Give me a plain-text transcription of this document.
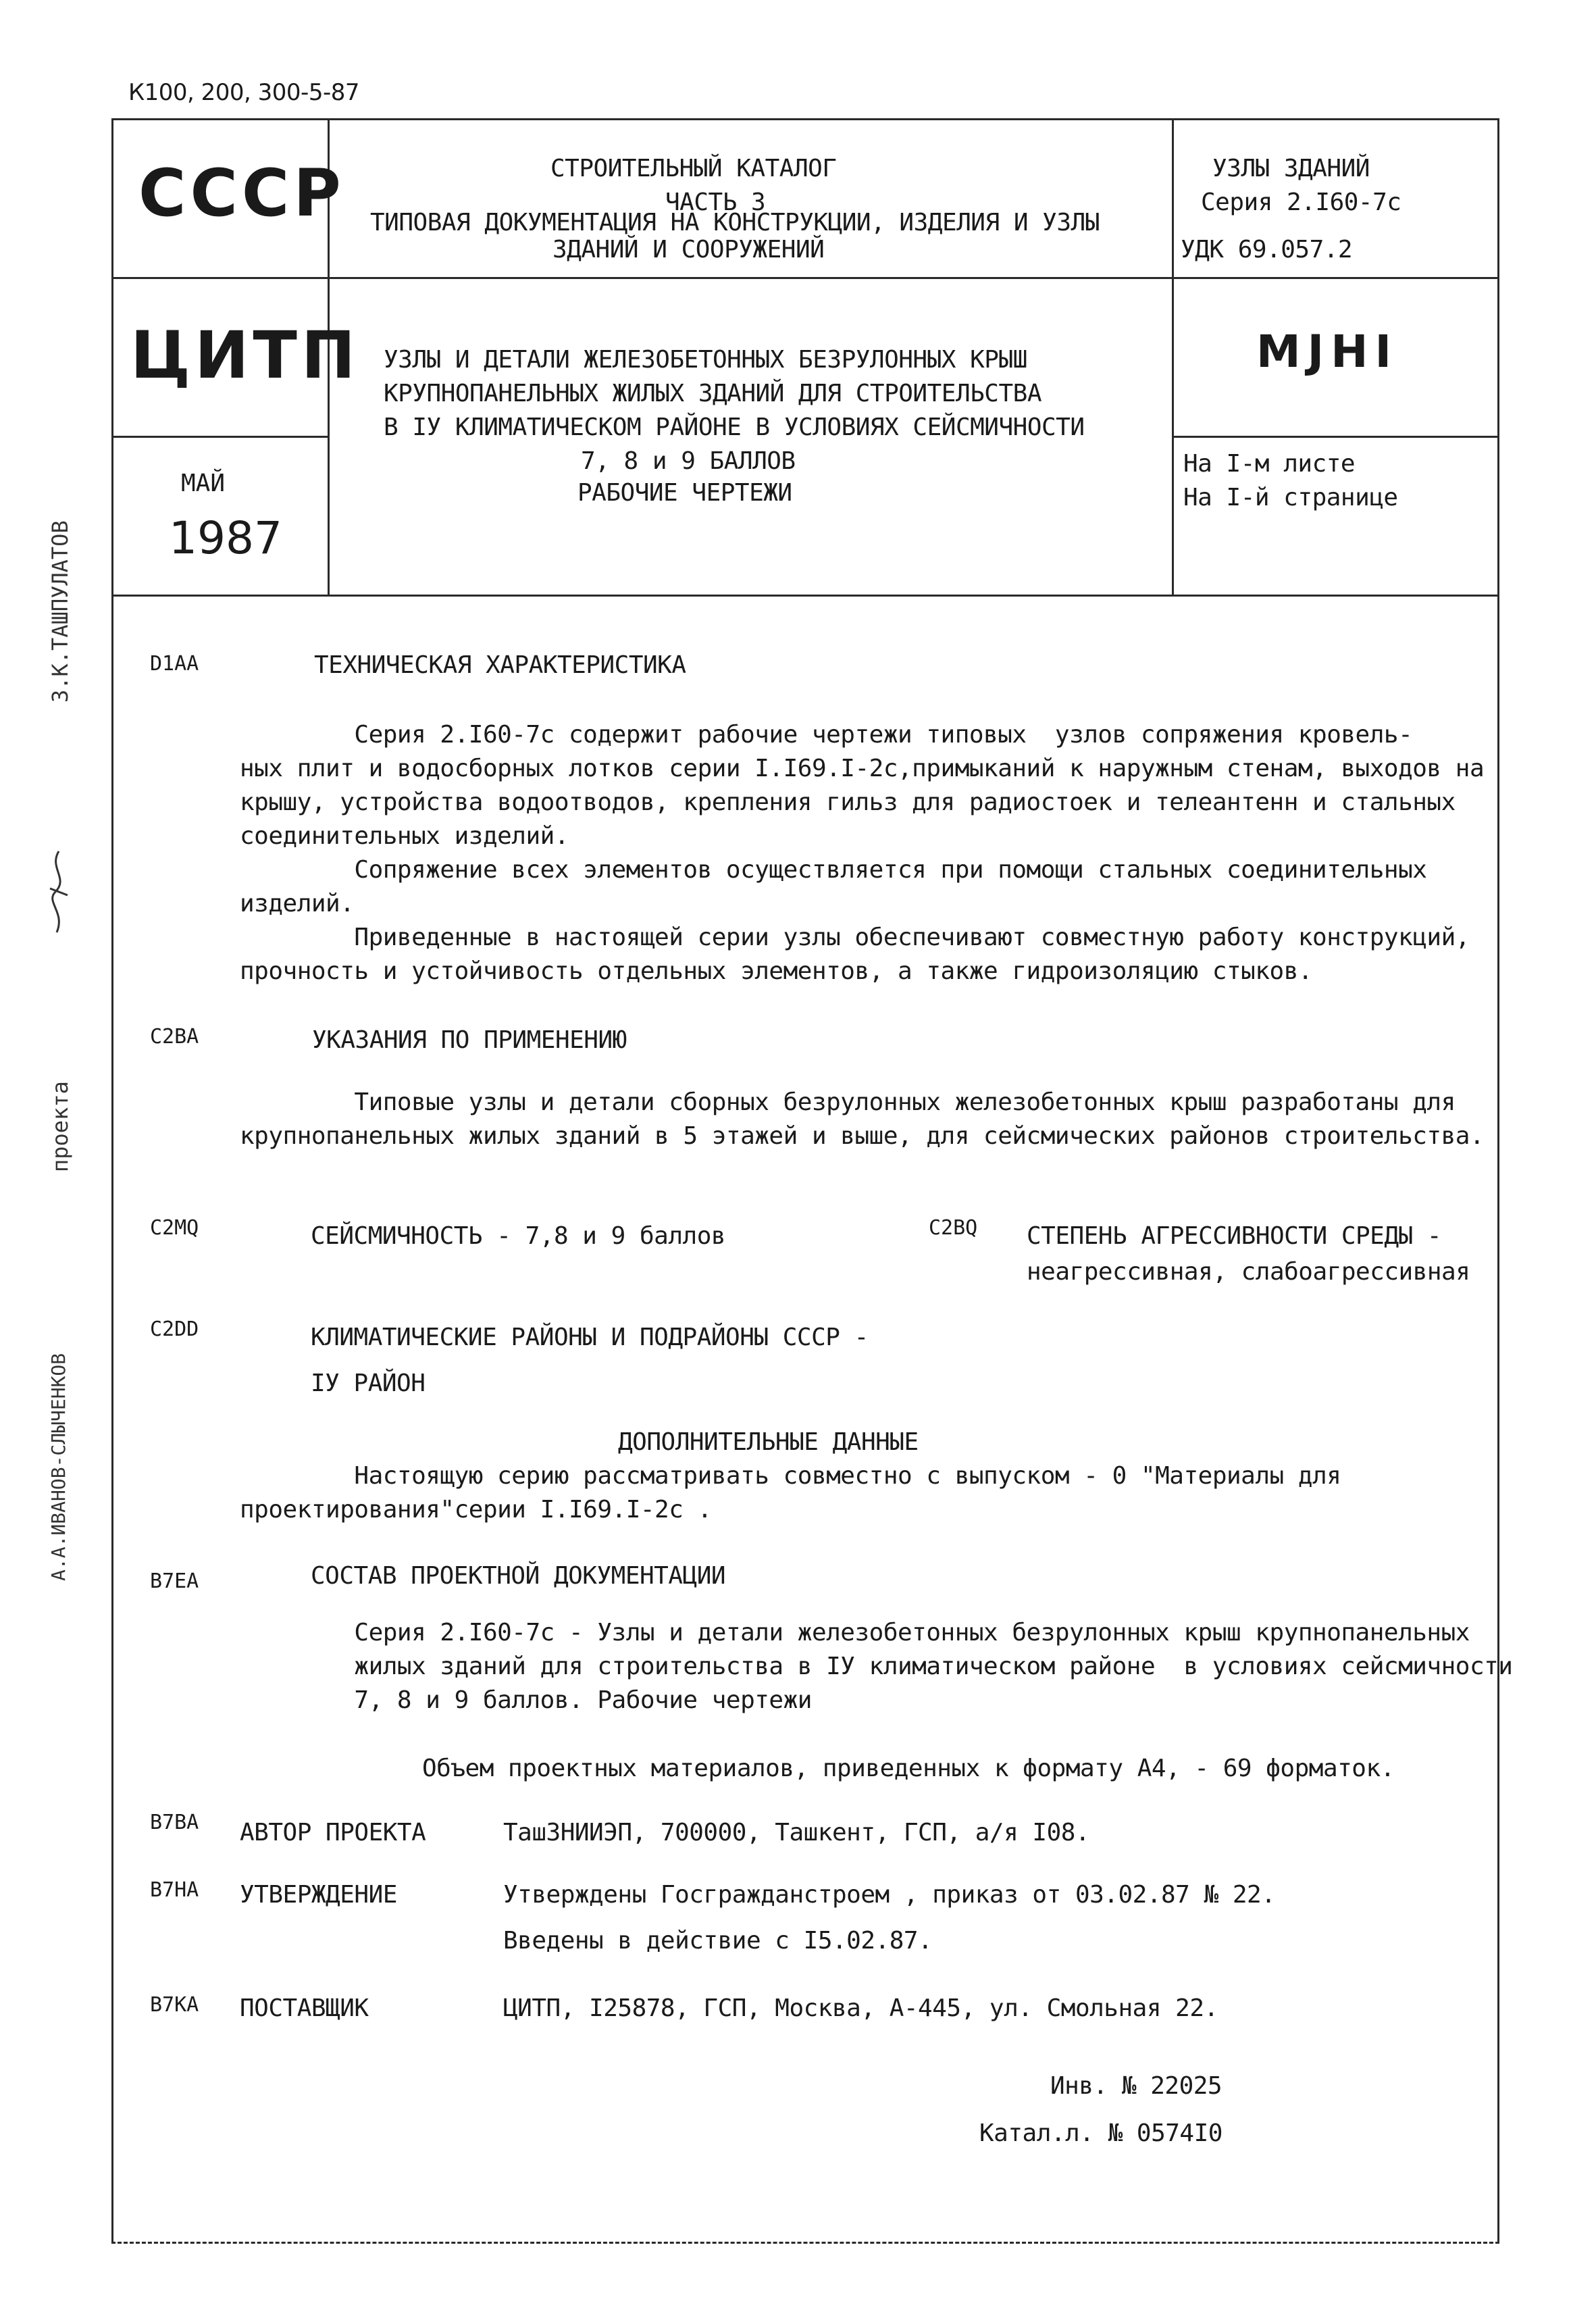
К100, 200, 300-5-87
СССР
ЦИТП
МАЙ
1987
СТРОИТЕЛЬНЫЙ КАТАЛОГ
ЧАСТЬ 3
ТИПОВАЯ ДОКУМЕНТАЦИЯ НА КОНСТРУКЦИИ, ИЗДЕЛИЯ И УЗЛЫ
ЗДАНИЙ И СООРУЖЕНИЙ
УЗЛЫ И ДЕТАЛИ ЖЕЛЕЗОБЕТОННЫХ БЕЗРУЛОННЫХ КРЫШ
КРУПНОПАНЕЛЬНЫХ ЖИЛЫХ ЗДАНИЙ ДЛЯ СТРОИТЕЛЬСТВА
В IУ КЛИМАТИЧЕСКОМ РАЙОНЕ В УСЛОВИЯХ СЕЙСМИЧНОСТИ
7, 8 и 9 БАЛЛОВ
РАБОЧИЕ ЧЕРТЕЖИ
УЗЛЫ ЗДАНИЙ
Серия 2.I60-7с
УДК 69.057.2
MJHI
На I-м листе
На I-й странице
З.К.ТАШПУЛАТОВ
проекта
А.А.ИВАНОВ-СЛЫЧЕНКОВ
D1AA	ТЕХНИЧЕСКАЯ ХАРАКТЕРИСТИКА
Серия 2.I60-7с содержит рабочие чертежи типовых  узлов сопряжения кровель-
ных плит и водосборных лотков серии I.I69.I-2с,примыканий к наружным стенам, выходов на
крышу, устройства водоотводов, крепления гильз для радиостоек и телеантенн и стальных
соединительных изделий.
Сопряжение всех элементов осуществляется при помощи стальных соединительных
изделий.
Приведенные в настоящей серии узлы обеспечивают совместную работу конструкций,
прочность и устойчивость отдельных элементов, а также гидроизоляцию стыков.
С2ВА	УКАЗАНИЯ ПО ПРИМЕНЕНИЮ
Типовые узлы и детали сборных безрулонных железобетонных крыш разработаны для
крупнопанельных жилых зданий в 5 этажей и выше, для сейсмических районов строительства.
С2MQ	СЕЙСМИЧНОСТЬ - 7,8 и 9 баллов	С2BQ СТЕПЕНЬ АГРЕССИВНОСТИ СРЕДЫ -
неагрессивная, слабоагрессивная
С2DD	КЛИМАТИЧЕСКИЕ РАЙОНЫ И ПОДРАЙОНЫ СССР -
IУ РАЙОН
ДОПОЛНИТЕЛЬНЫЕ ДАННЫЕ
Настоящую серию рассматривать совместно с выпуском - 0 "Материалы для
проектирования"серии I.I69.I-2с .
В7ЕА	СОСТАВ ПРОЕКТНОЙ ДОКУМЕНТАЦИИ
Серия 2.I60-7с - Узлы и детали железобетонных безрулонных крыш крупнопанельных
жилых зданий для строительства в IУ климатическом районе  в условиях сейсмичности
7, 8 и 9 баллов. Рабочие чертежи
Объем проектных материалов, приведенных к формату А4, - 69 форматок.
В7ВА АВТОР ПРОЕКТА	ТашЗНИИЭП, 700000, Ташкент, ГСП, а/я I08.
В7НА УТВЕРЖДЕНИЕ	Утверждены Госгражданстроем , приказ от 03.02.87 № 22.
Введены в действие с I5.02.87.
В7КА ПОСТАВЩИК	ЦИТП, I25878, ГСП, Москва, А-445, ул. Смольная 22.
Инв. № 22025
Катал.л. № 0574I0
